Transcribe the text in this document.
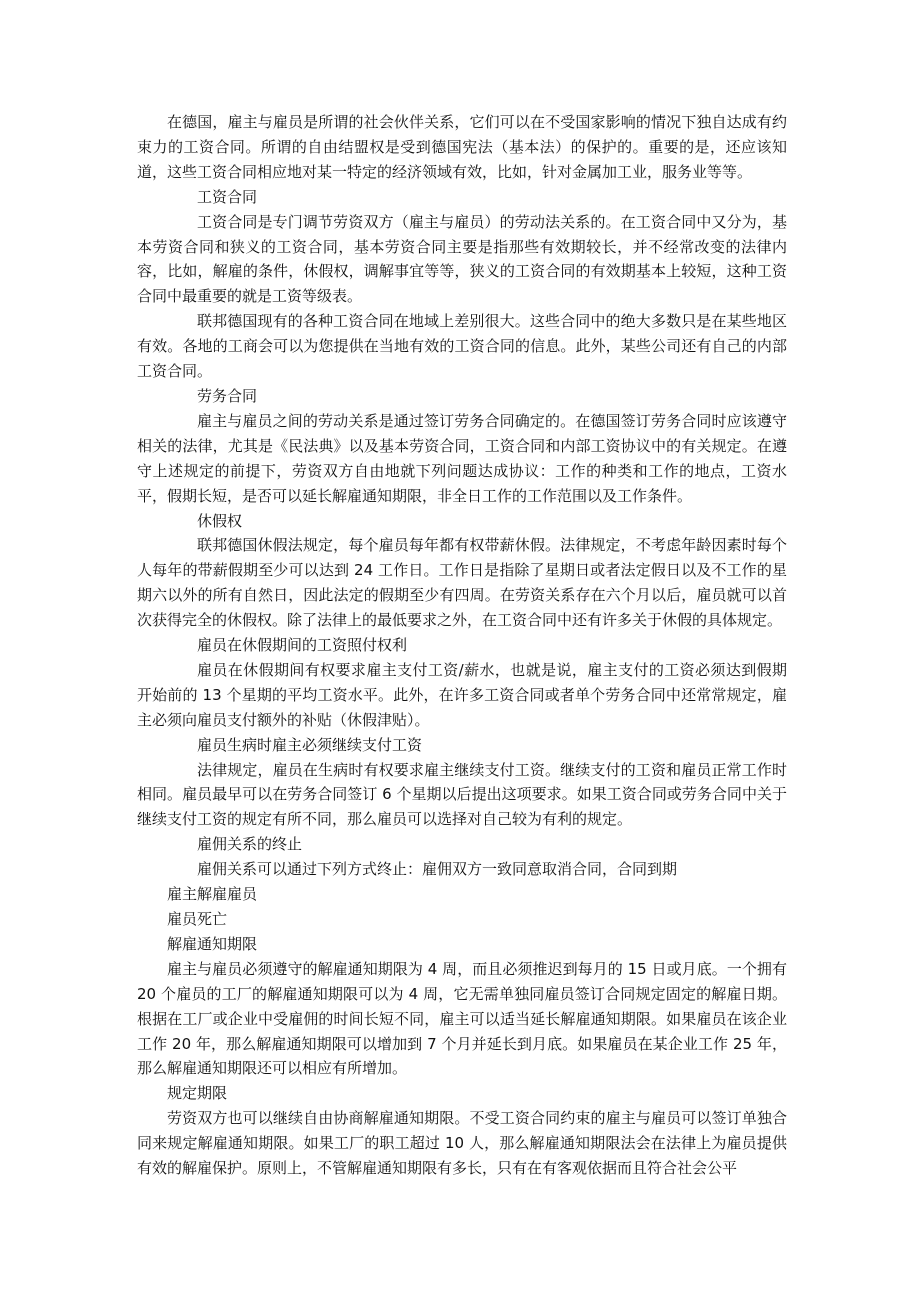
在德国，雇主与雇员是所谓的社会伙伴关系，它们可以在不受国家影响的情况下独自达成有约束力的工资合同。所谓的自由结盟权是受到德国宪法（基本法）的保护的。重要的是，还应该知道，这些工资合同相应地对某一特定的经济领域有效，比如，针对金属加工业，服务业等等。

工资合同

工资合同是专门调节劳资双方（雇主与雇员）的劳动法关系的。在工资合同中又分为，基本劳资合同和狭义的工资合同，基本劳资合同主要是指那些有效期较长，并不经常改变的法律内容，比如，解雇的条件，休假权，调解事宜等等，狭义的工资合同的有效期基本上较短，这种工资合同中最重要的就是工资等级表。

联邦德国现有的各种工资合同在地域上差别很大。这些合同中的绝大多数只是在某些地区有效。各地的工商会可以为您提供在当地有效的工资合同的信息。此外，某些公司还有自己的内部工资合同。

劳务合同

雇主与雇员之间的劳动关系是通过签订劳务合同确定的。在德国签订劳务合同时应该遵守相关的法律，尤其是《民法典》以及基本劳资合同，工资合同和内部工资协议中的有关规定。在遵守上述规定的前提下，劳资双方自由地就下列问题达成协议：工作的种类和工作的地点，工资水平，假期长短，是否可以延长解雇通知期限，非全日工作的工作范围以及工作条件。

休假权

联邦德国休假法规定，每个雇员每年都有权带薪休假。法律规定，不考虑年龄因素时每个人每年的带薪假期至少可以达到 24 工作日。工作日是指除了星期日或者法定假日以及不工作的星期六以外的所有自然日，因此法定的假期至少有四周。在劳资关系存在六个月以后，雇员就可以首次获得完全的休假权。除了法律上的最低要求之外，在工资合同中还有许多关于休假的具体规定。

雇员在休假期间的工资照付权利

雇员在休假期间有权要求雇主支付工资/薪水，也就是说，雇主支付的工资必须达到假期开始前的 13 个星期的平均工资水平。此外，在许多工资合同或者单个劳务合同中还常常规定，雇主必须向雇员支付额外的补贴（休假津贴）。

雇员生病时雇主必须继续支付工资

法律规定，雇员在生病时有权要求雇主继续支付工资。继续支付的工资和雇员正常工作时相同。雇员最早可以在劳务合同签订 6 个星期以后提出这项要求。如果工资合同或劳务合同中关于继续支付工资的规定有所不同，那么雇员可以选择对自己较为有利的规定。

雇佣关系的终止

雇佣关系可以通过下列方式终止：雇佣双方一致同意取消合同，合同到期

雇主解雇雇员

雇员死亡

解雇通知期限

雇主与雇员必须遵守的解雇通知期限为 4 周，而且必须推迟到每月的 15 日或月底。一个拥有 20 个雇员的工厂的解雇通知期限可以为 4 周，它无需单独同雇员签订合同规定固定的解雇日期。根据在工厂或企业中受雇佣的时间长短不同，雇主可以适当延长解雇通知期限。如果雇员在该企业工作 20 年，那么解雇通知期限可以增加到 7 个月并延长到月底。如果雇员在某企业工作 25 年，那么解雇通知期限还可以相应有所增加。

规定期限

劳资双方也可以继续自由协商解雇通知期限。不受工资合同约束的雇主与雇员可以签订单独合同来规定解雇通知期限。如果工厂的职工超过 10 人，那么解雇通知期限法会在法律上为雇员提供有效的解雇保护。原则上，不管解雇通知期限有多长，只有在有客观依据而且符合社会公平
